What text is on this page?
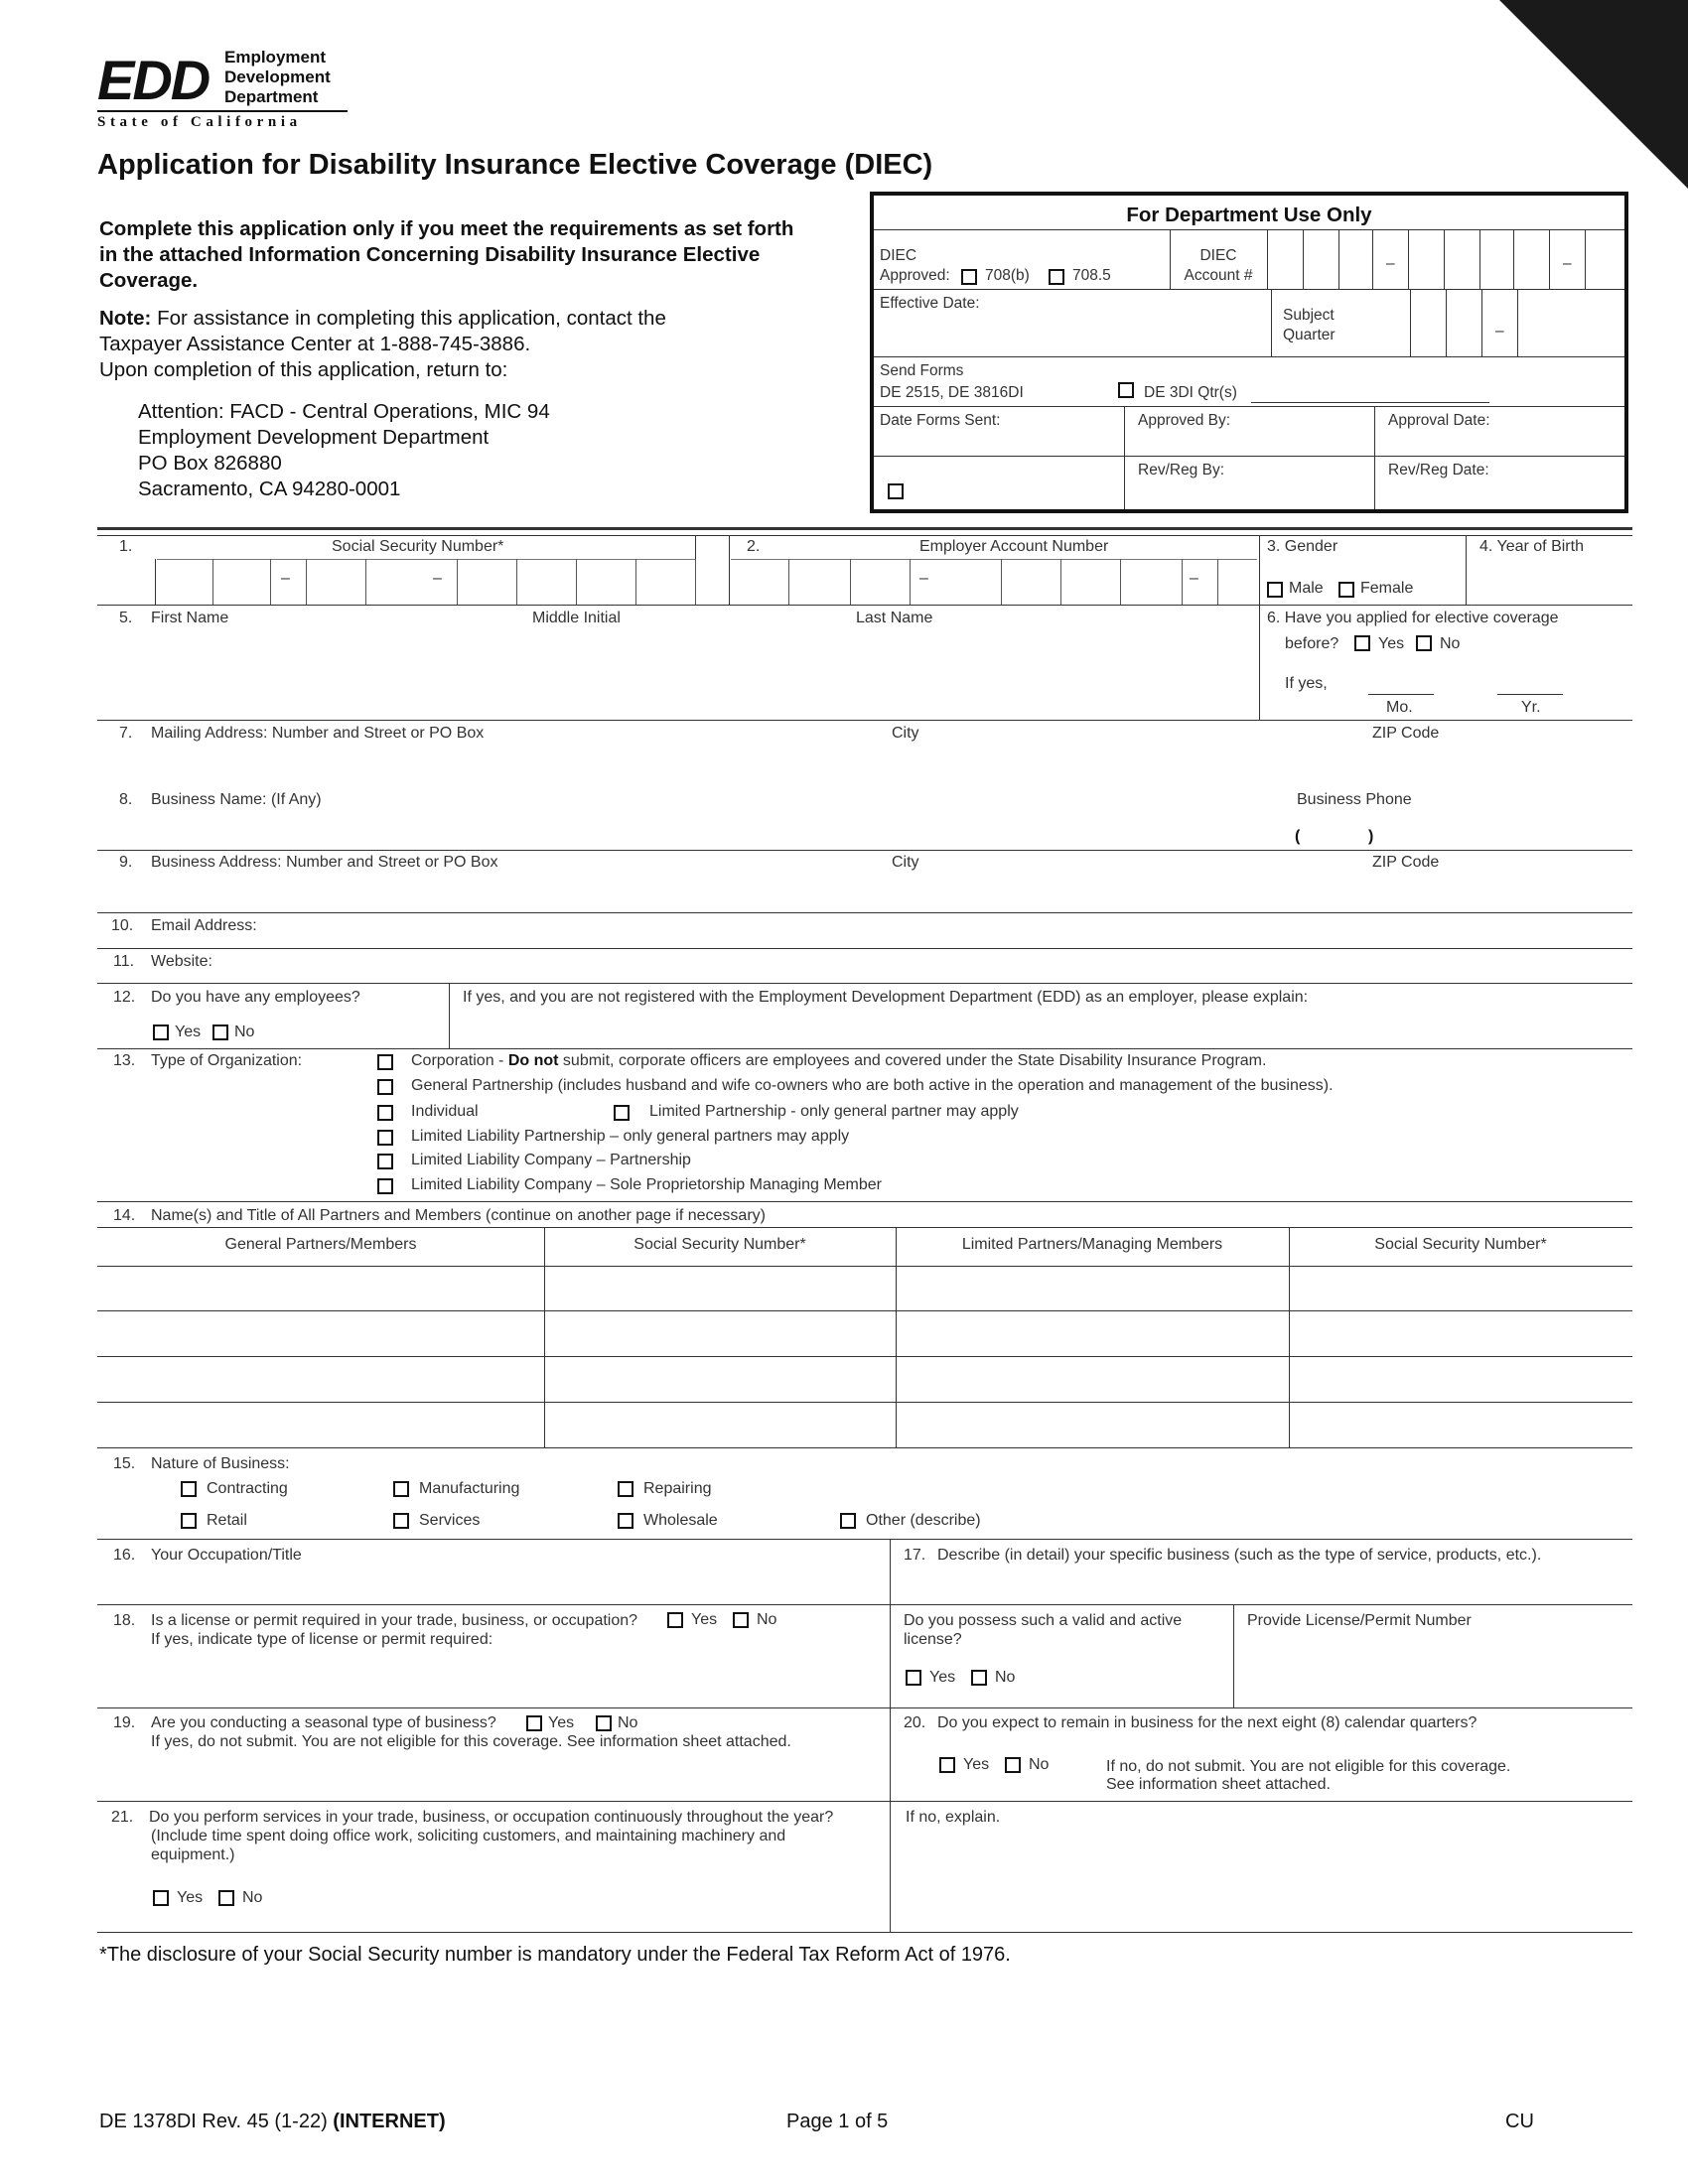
EDD Employment
Development
Department
State of California
Application for Disability Insurance Elective Coverage (DIEC)
Complete this application only if you meet the requirements as set forth in the attached Information Concerning Disability Insurance Elective Coverage.
Note: For assistance in completing this application, contact the Taxpayer Assistance Center at 1-888-745-3886.
Upon completion of this application, return to:
Attention: FACD - Central Operations, MIC 94
Employment Development Department
PO Box 826880
Sacramento, CA 94280-0001
For Department Use Only
DIEC
Approved: 708(b)	708.5
DIEC
Account #
–	–
Effective Date:
Subject
Quarter	–
Send Forms
DE 2515, DE 3816DI	DE 3DI Qtr(s)
Date Forms Sent:	Approved By:	Approval Date:
Rev/Reg By:	Rev/Reg Date:
1.	Social Security Number*	2.	Employer Account Number	3. Gender	4. Year of Birth
–	–	–	–
Male Female
5. First Name	Middle Initial	Last Name	6. Have you applied for elective coverage
before? Yes No
If yes,
Mo.	Yr.
7. Mailing Address: Number and Street or PO Box	City	ZIP Code
8. Business Name: (If Any)	Business Phone
(	)
9. Business Address: Number and Street or PO Box	City	ZIP Code
10. Email Address:
11. Website:
12. Do you have any employees?	If yes, and you are not registered with the Employment Development Department (EDD) as an employer, please explain:
Yes No
13. Type of Organization:	Corporation - Do not submit, corporate officers are employees and covered under the State Disability Insurance Program.
General Partnership (includes husband and wife co-owners who are both active in the operation and management of the business).
Individual	Limited Partnership - only general partner may apply
Limited Liability Partnership – only general partners may apply
Limited Liability Company – Partnership
Limited Liability Company – Sole Proprietorship Managing Member
14. Name(s) and Title of All Partners and Members (continue on another page if necessary)
General Partners/Members	Social Security Number*	Limited Partners/Managing Members	Social Security Number*
15. Nature of Business:
Contracting	Manufacturing	Repairing
Retail	Services	Wholesale	Other (describe)
16. Your Occupation/Title	17. Describe (in detail) your specific business (such as the type of service, products, etc.).
18. Is a license or permit required in your trade, business, or occupation?	Yes No
If yes, indicate type of license or permit required:
Do you possess such a valid and active
license?
Yes No
Provide License/Permit Number
19. Are you conducting a seasonal type of business?	Yes	No
If yes, do not submit. You are not eligible for this coverage. See information sheet attached.
20. Do you expect to remain in business for the next eight (8) calendar quarters?
Yes No	If no, do not submit. You are not eligible for this coverage.
See information sheet attached.
21. Do you perform services in your trade, business, or occupation continuously throughout the year?
(Include time spent doing office work, soliciting customers, and maintaining machinery and
equipment.)
Yes No
If no, explain.
*The disclosure of your Social Security number is mandatory under the Federal Tax Reform Act of 1976.
DE 1378DI Rev. 45 (1-22) (INTERNET)	Page 1 of 5	CU
